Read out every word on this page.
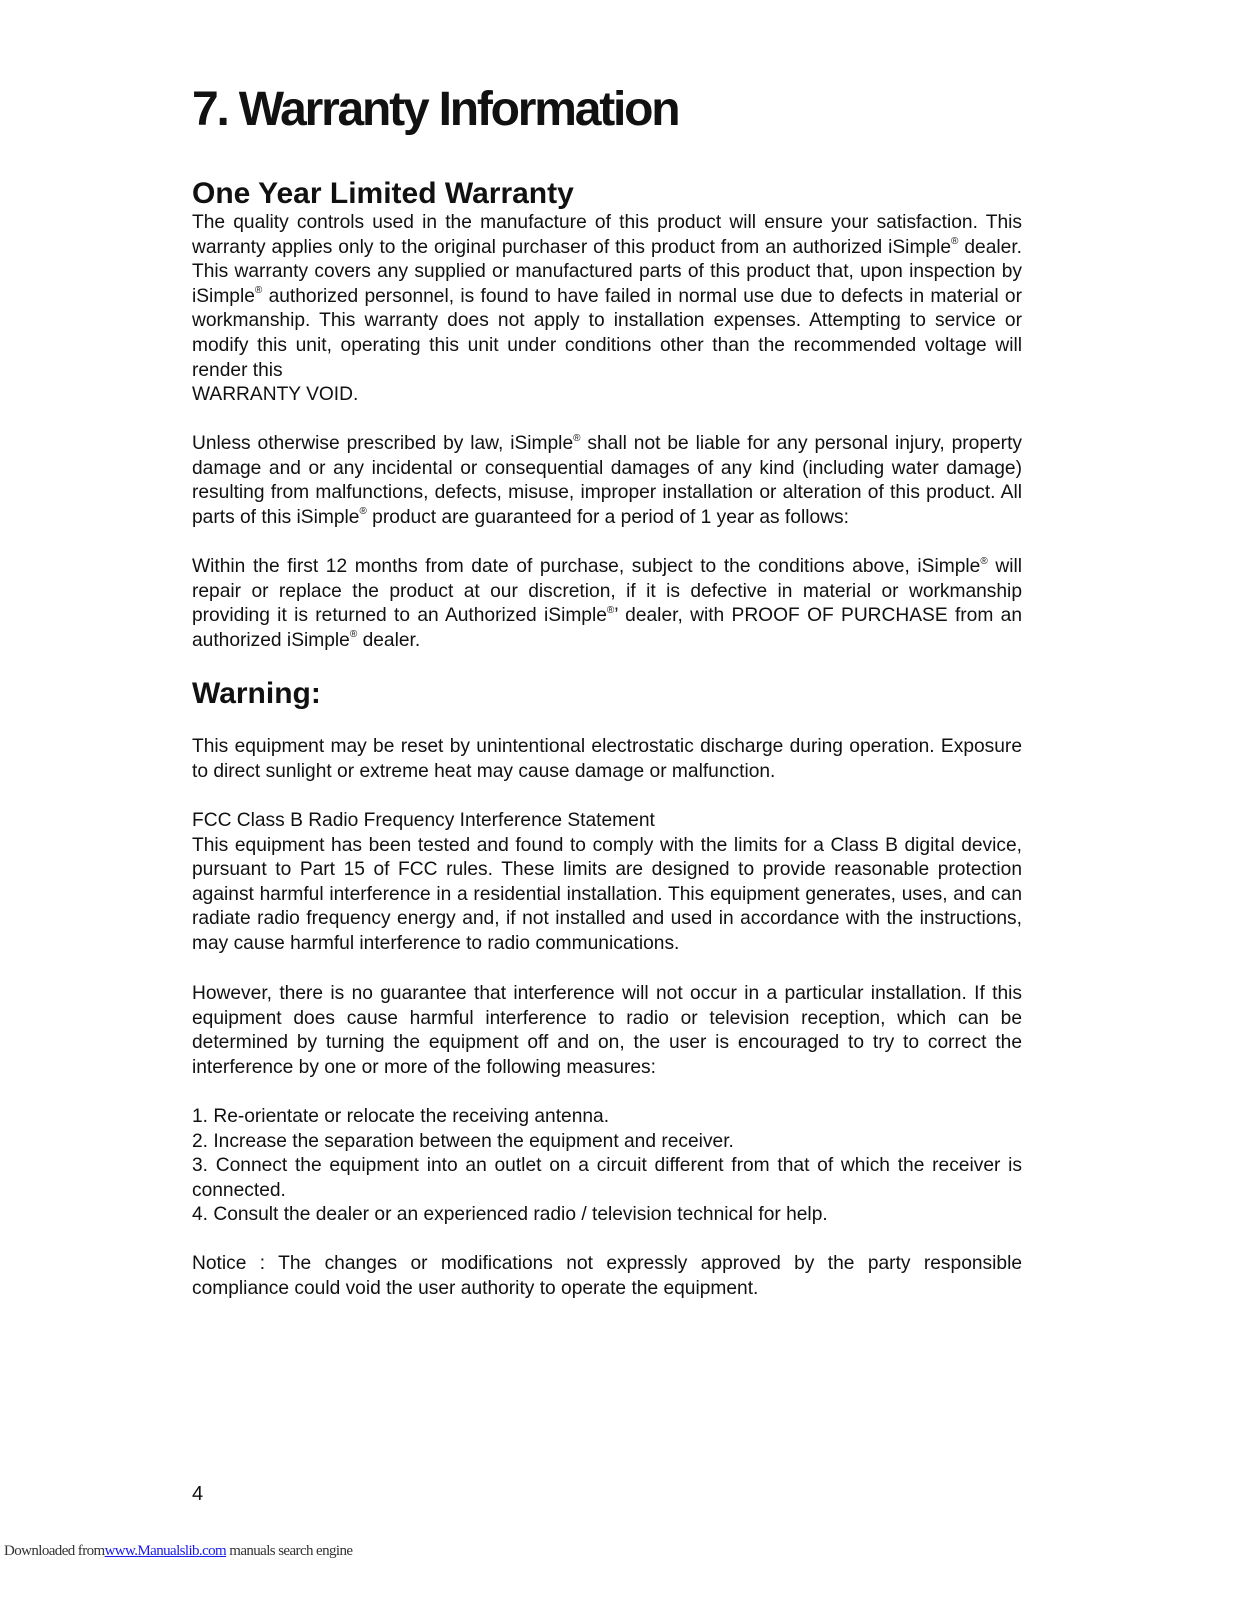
7. Warranty Information
One Year Limited Warranty

The quality controls used in the manufacture of this product will ensure your satisfaction. This warranty applies only to the original purchaser of this product from an authorized iSimple® dealer. This warranty covers any supplied or manufactured parts of this product that, upon inspection by iSimple® authorized personnel, is found to have failed in normal use due to defects in material or workmanship. This warranty does not apply to installation expenses. Attempting to service or modify this unit, operating this unit under conditions other than the recommended voltage will render this

WARRANTY VOID.

Unless otherwise prescribed by law, iSimple® shall not be liable for any personal injury, property damage and or any incidental or consequential damages of any kind (including water damage) resulting from malfunctions, defects, misuse, improper installation or alteration of this product. All parts of this iSimple® product are guaranteed for a period of 1 year as follows:

Within the first 12 months from date of purchase, subject to the conditions above, iSimple® will repair or replace the product at our discretion, if it is defective in material or workmanship providing it is returned to an Authorized iSimple®’ dealer, with PROOF OF PURCHASE from an authorized iSimple® dealer.

Warning:

This equipment may be reset by unintentional electrostatic discharge during operation. Exposure to direct sunlight or extreme heat may cause damage or malfunction.

FCC Class B Radio Frequency Interference Statement

This equipment has been tested and found to comply with the limits for a Class B digital device, pursuant to Part 15 of FCC rules. These limits are designed to provide reasonable protection against harmful interference in a residential installation. This equipment generates, uses, and can radiate radio frequency energy and, if not installed and used in accordance with the instructions, may cause harmful interference to radio communications.

However, there is no guarantee that interference will not occur in a particular installation. If this equipment does cause harmful interference to radio or television reception, which can be determined by turning the equipment off and on, the user is encouraged to try to correct the interference by one or more of the following measures:

1. Re-orientate or relocate the receiving antenna.

2. Increase the separation between the equipment and receiver.

3. Connect the equipment into an outlet on a circuit different from that of which the receiver is connected.

4. Consult the dealer or an experienced radio / television technical for help.

Notice : The changes or modifications not expressly approved by the party responsible compliance could void the user authority to operate the equipment.

4
Downloaded fromwww.Manualslib.com manuals search engine
